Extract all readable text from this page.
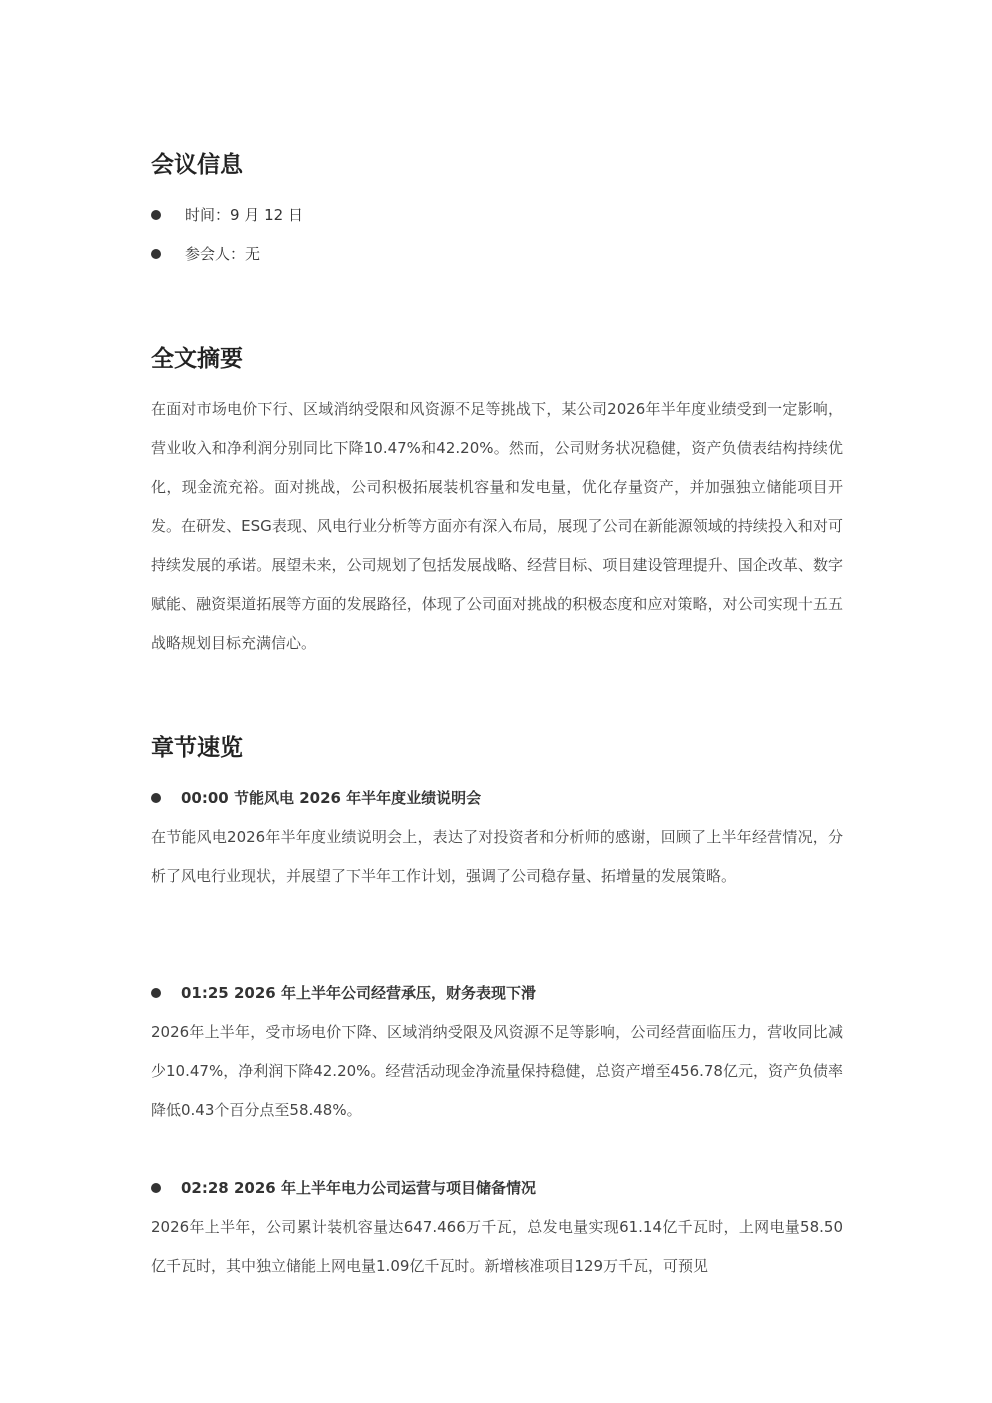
会议信息
时间：9 月 12 日
参会人：无
全文摘要

在面对市场电价下行、区域消纳受限和风资源不足等挑战下，某公司2026年半年度业绩受到一定影响，营业收入和净利润分别同比下降10.47%和42.20%。然而，公司财务状况稳健，资产负债表结构持续优化，现金流充裕。面对挑战，公司积极拓展装机容量和发电量，优化存量资产，并加强独立储能项目开发。在研发、ESG表现、风电行业分析等方面亦有深入布局，展现了公司在新能源领域的持续投入和对可持续发展的承诺。展望未来，公司规划了包括发展战略、经营目标、项目建设管理提升、国企改革、数字赋能、融资渠道拓展等方面的发展路径，体现了公司面对挑战的积极态度和应对策略，对公司实现十五五战略规划目标充满信心。

章节速览
00:00 节能风电 2026 年半年度业绩说明会

在节能风电2026年半年度业绩说明会上，表达了对投资者和分析师的感谢，回顾了上半年经营情况，分析了风电行业现状，并展望了下半年工作计划，强调了公司稳存量、拓增量的发展策略。

01:25 2026 年上半年公司经营承压，财务表现下滑

2026年上半年，受市场电价下降、区域消纳受限及风资源不足等影响，公司经营面临压力，营收同比减少10.47%，净利润下降42.20%。经营活动现金净流量保持稳健，总资产增至456.78亿元，资产负债率降低0.43个百分点至58.48%。

02:28 2026 年上半年电力公司运营与项目储备情况

2026年上半年，公司累计装机容量达647.466万千瓦，总发电量实现61.14亿千瓦时，上网电量58.50亿千瓦时，其中独立储能上网电量1.09亿千瓦时。新增核准项目129万千瓦，可预见
